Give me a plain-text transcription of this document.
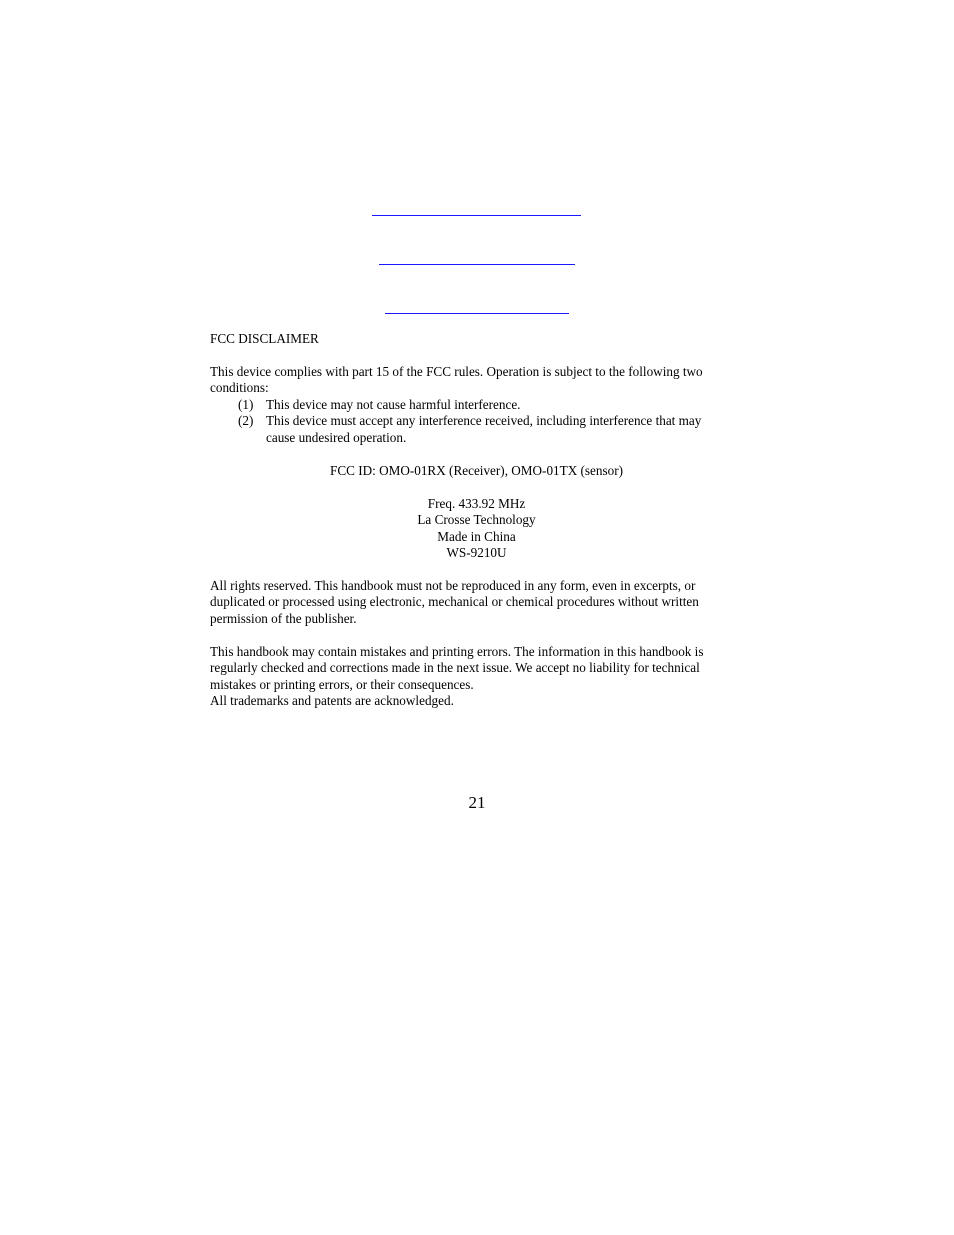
FCC DISCLAIMER
This device complies with part 15 of the FCC rules. Operation is subject to the following two
conditions:
(1) This device may not cause harmful interference.
(2) This device must accept any interference received, including interference that may
cause undesired operation.
FCC ID: OMO-01RX (Receiver), OMO-01TX (sensor)
Freq. 433.92 MHz
La Crosse Technology
Made in China
WS-9210U
All rights reserved. This handbook must not be reproduced in any form, even in excerpts, or
duplicated or processed using electronic, mechanical or chemical procedures without written
permission of the publisher.
This handbook may contain mistakes and printing errors. The information in this handbook is
regularly checked and corrections made in the next issue. We accept no liability for technical
mistakes or printing errors, or their consequences.
All trademarks and patents are acknowledged.
21
